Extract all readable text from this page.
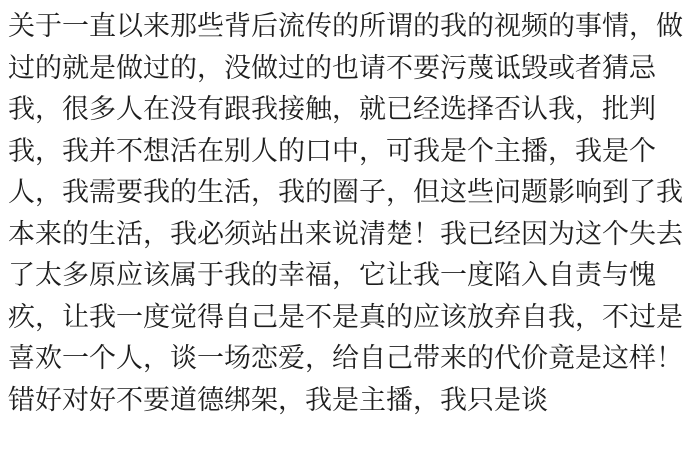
关于一直以来那些背后流传的所谓的我的视频的事情，做过的就是做过的，没做过的也请不要污蔑诋毁或者猜忌我，很多人在没有跟我接触，就已经选择否认我，批判我，我并不想活在别人的口中，可我是个主播，我是个人，我需要我的生活，我的圈子，但这些问题影响到了我本来的生活，我必须站出来说清楚！我已经因为这个失去了太多原应该属于我的幸福，它让我一度陷入自责与愧疚，让我一度觉得自己是不是真的应该放弃自我，不过是喜欢一个人，谈一场恋爱，给自己带来的代价竟是这样！错好对好不要道德绑架，我是主播，我只是谈
